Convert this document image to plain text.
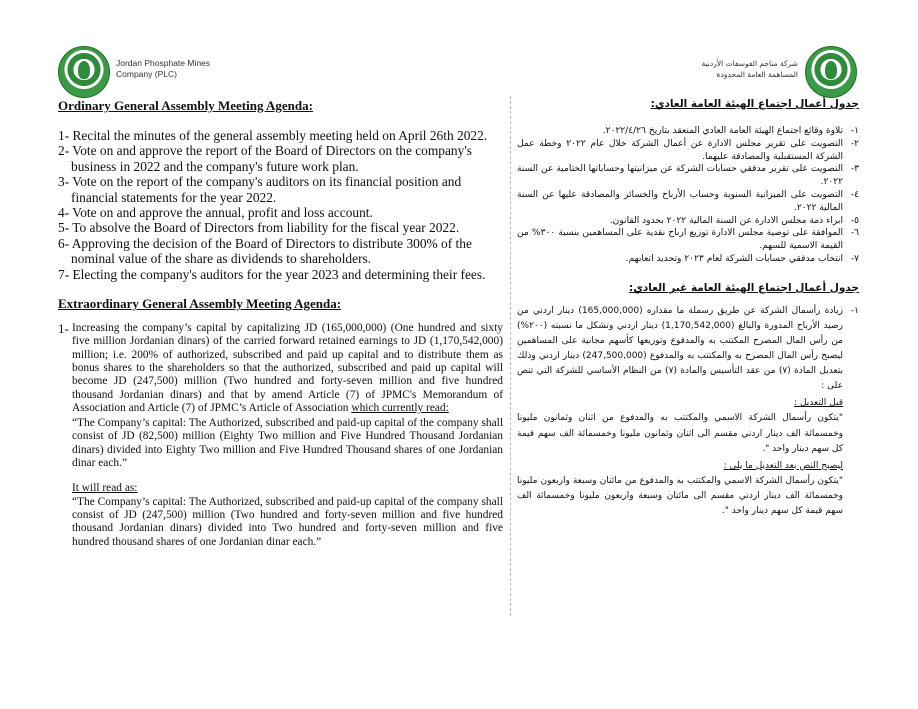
Jordan Phosphate Mines
Company (PLC)
شركة مناجم الفوسفات الأردنية
المساهمة العامة المحدودة
Ordinary General Assembly Meeting Agenda:

1- Recital the minutes of the general assembly meeting held on April 26th 2022.

2- Vote on and approve the report of the Board of Directors on the company's business in 2022 and the company's future work plan.

3- Vote on the report of the company's auditors on its financial position and financial statements for the year 2022.

4- Vote on and approve the annual, profit and loss account.

5- To absolve the Board of Directors from liability for the fiscal year 2022.

6- Approving the decision of the Board of Directors to distribute 300% of the nominal value of the share as dividends to shareholders.

7- Electing the company's auditors for the year 2023 and determining their fees.

Extraordinary General Assembly Meeting Agenda:
1- Increasing the company’s capital by capitalizing JD (165,000,000) (One hundred and sixty five million Jordanian dinars) of the carried forward retained earnings to JD (1,170,542,000) million; i.e. 200% of authorized, subscribed and paid up capital and to distribute them as bonus shares to the shareholders so that the authorized, subscribed and paid up capital will become JD (247,500) million (Two hundred and forty-seven million and five hundred thousand Jordanian dinars) and that by amend Article (7) of JPMC's Memorandum of Association and Article (7) of JPMC’s Article of Association which currently read:

“The Company’s capital: The Authorized, subscribed and paid-up capital of the company shall consist of JD (82,500) million (Eighty Two million and Five Hundred Thousand Jordanian dinars) divided into Eighty Two million and Five Hundred Thousand shares of one Jordanian dinar each.”

It will read as:

“The Company’s capital: The Authorized, subscribed and paid-up capital of the company shall consist of JD (247,500) million (Two hundred and forty-seven million and five hundred thousand Jordanian dinars) divided into Two hundred and forty-seven million and five hundred thousand shares of one Jordanian dinar each.”

جدول أعمال اجتماع الهيئة العامة العادي:

١-
تلاوة وقائع اجتماع الهيئة العامة العادي المنعقد بتاريخ ٢٠٢٢/٤/٢٦.

٢-
التصويت على تقرير مجلس الادارة عن أعمال الشركة خلال عام ٢٠٢٢ وخطة عمل الشركة المستقبلية والمصادقة عليهما.

٣-
التصويت على تقرير مدققي حسابات الشركة عن ميزانيتها وحساباتها الختامية عن السنة ٢٠٢٢.

٤-
التصويت على الميزانية السنوية وحساب الأرباح والخسائر والمصادقة عليها عن السنة المالية ٢٠٢٢.

٥-
ابراء ذمة مجلس الادارة عن السنة المالية ٢٠٢٢ بحدود القانون.

٦-
الموافقة على توصية مجلس الادارة توزيع ارباح نقدية على المساهمين بنسبة ٣٠٠% من القيمة الاسمية للسهم.

٧-
انتخاب مدققي حسابات الشركة لعام ٢٠٢٣ وتحديد اتعابهم.

جدول أعمال اجتماع الهيئة العامة غير العادي:
١-

زيادة رأسمال الشركة عن طريق رسملة ما مقداره (165,000,000) دينار اردني من رصيد الأرباح المدورة والبالغ (1,170,542,000) دينار اردني وتشكل ما نسبته (٢٠٠%) من رأس المال المصرح المكتتب به والمدفوع وتوزيعها كأسهم مجانية على المساهمين ليصبح رأس المال المصرح به والمكتتب به والمدفوع (247,500,000) دينار اردني وذلك بتعديل المادة (٧) من عقد التأسيس والمادة (٧) من النظام الأساسي للشركة التي تنص على :

قبل التعديل :

"يتكون رأسمال الشركة الاسمي والمكتتب به والمدفوع من اثنان وثمانون مليونا وخمسمائة الف دينار اردني مقسم الى اثنان وثمانون مليونا وخمسمائة الف سهم قيمة كل سهم دينار واحد ".

ليصبح النص بعد التعديل ما يلي :

"يتكون رأسمال الشركة الاسمي والمكتتب به والمدفوع من مائتان وسبعة واربعون مليونا وخمسمائة الف دينار اردني مقسم الى مائتان وسبعة واربعون مليونا وخمسمائة الف سهم قيمة كل سهم دينار واحد ".
